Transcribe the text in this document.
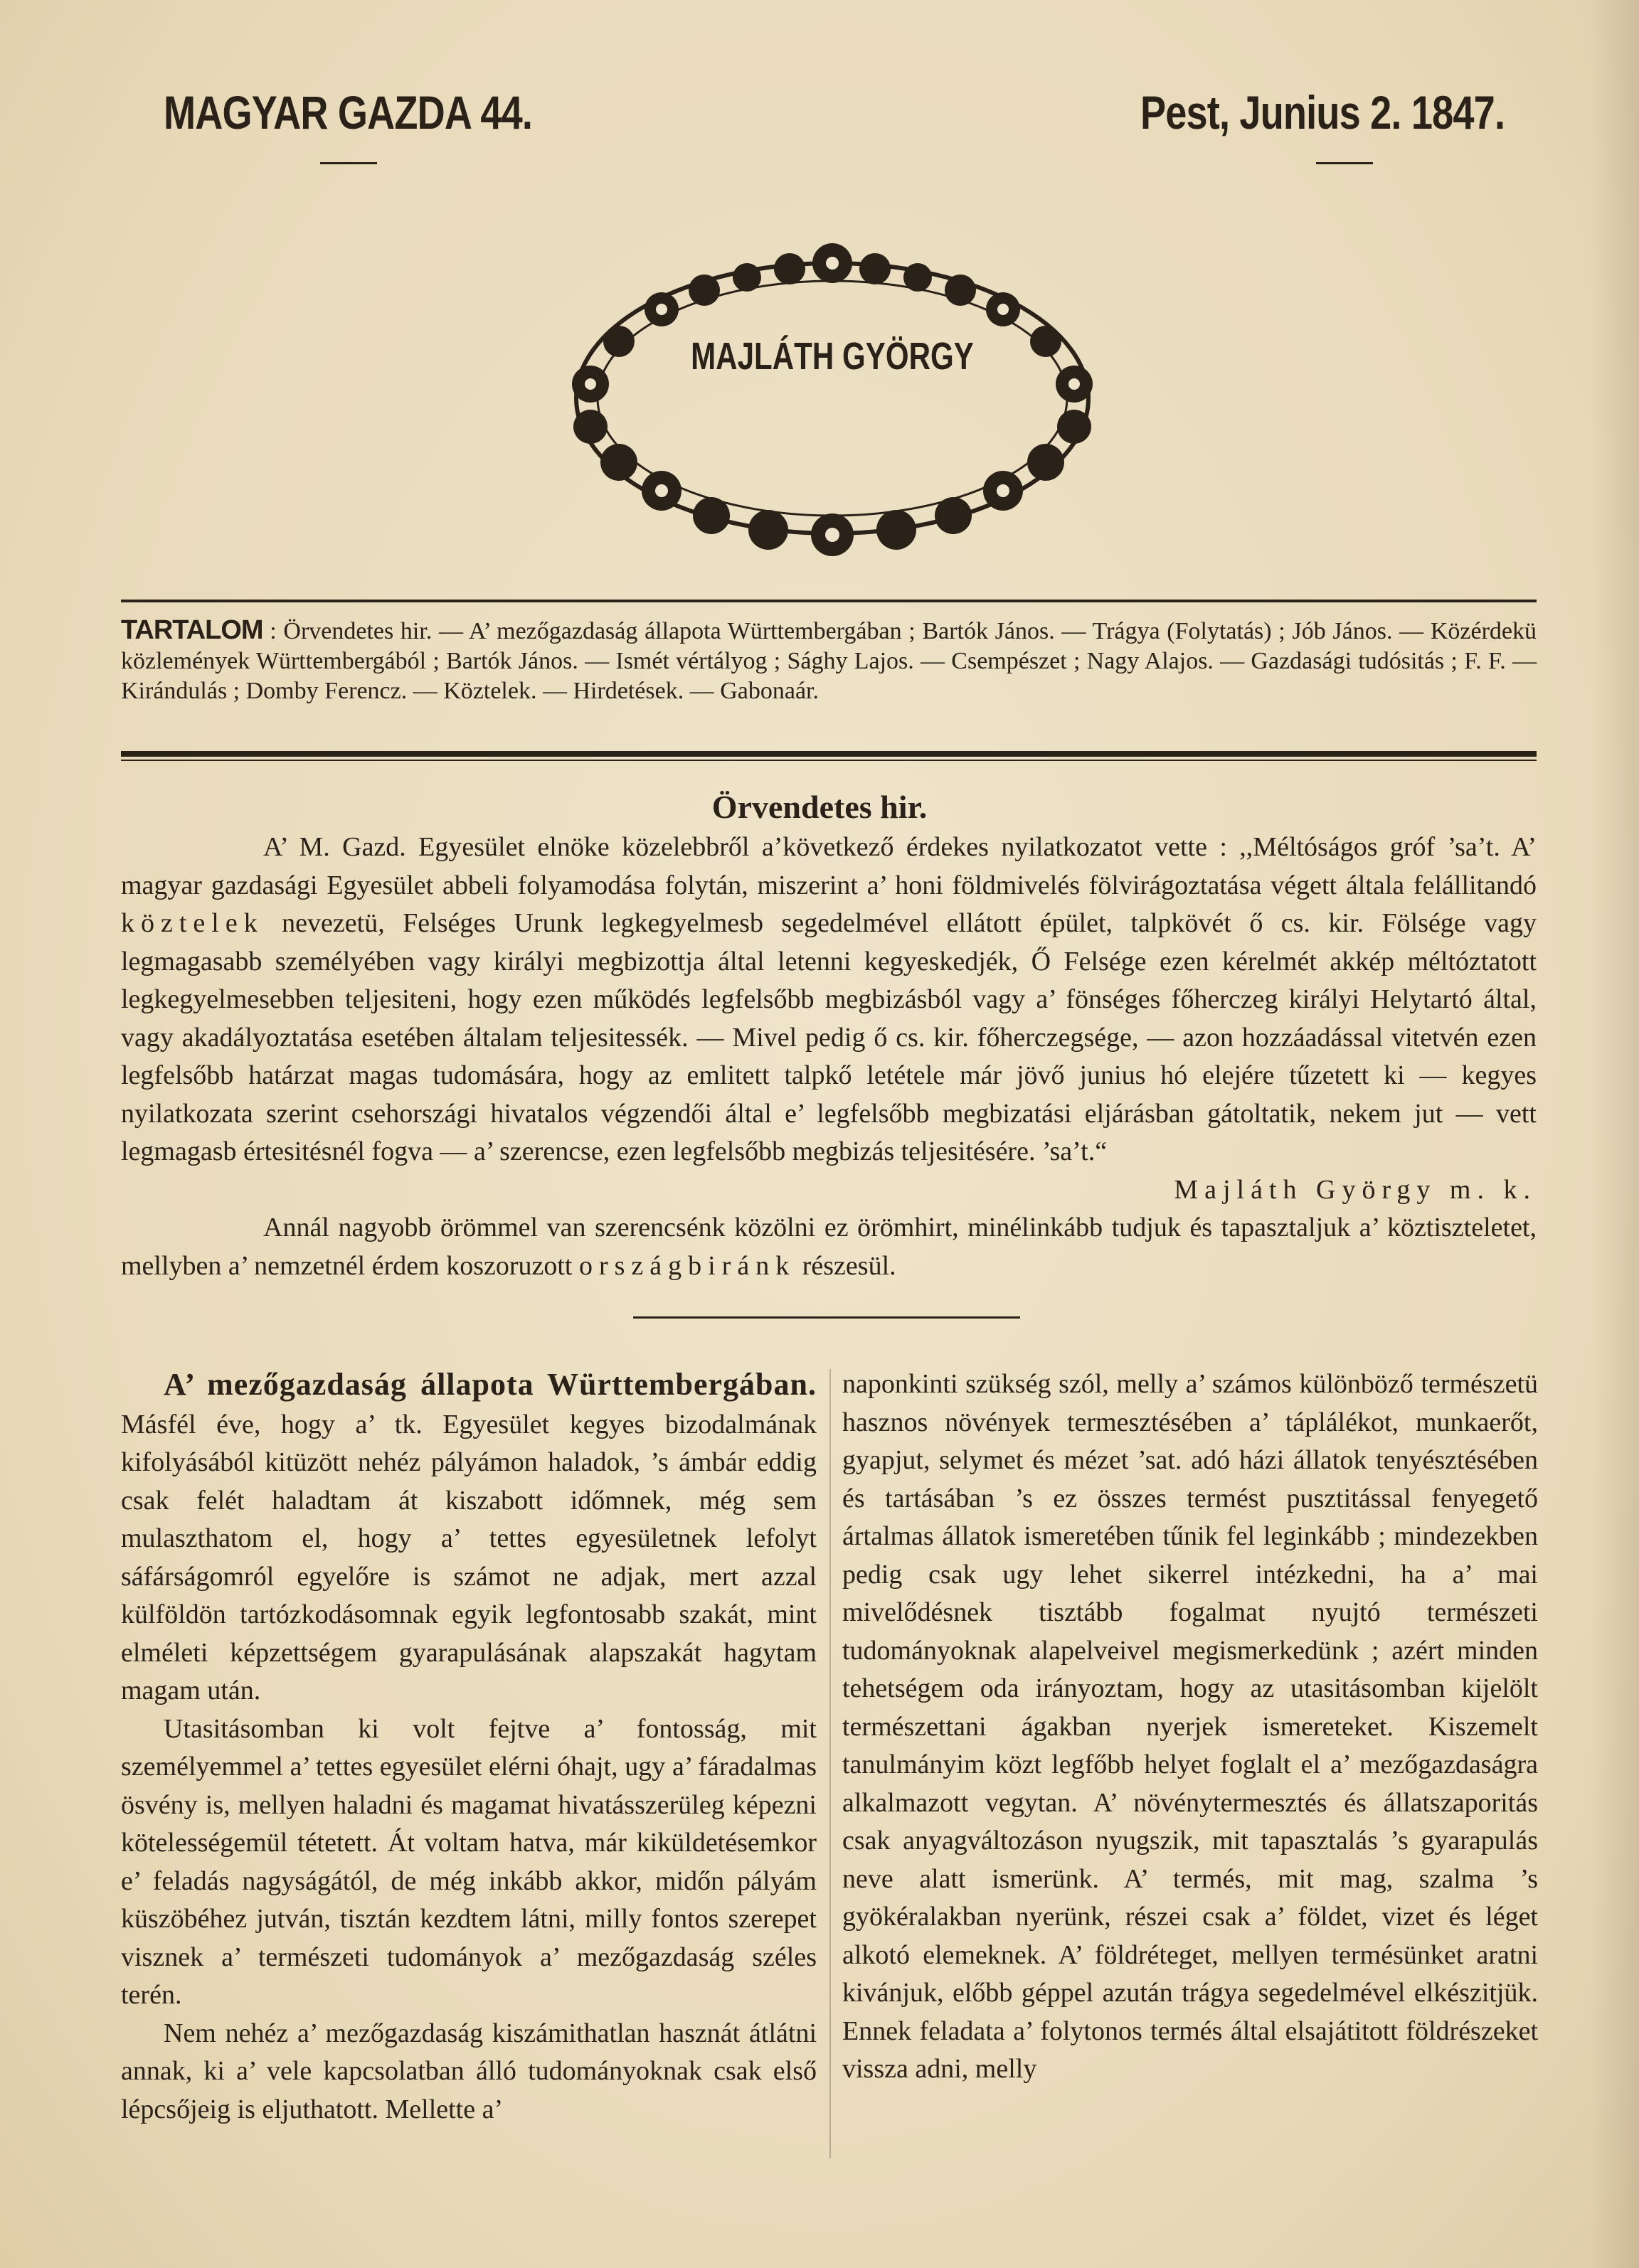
MAGYAR GAZDA 44.	Pest, Junius 2. 1847.
MAJLÁTH GYÖRGY
TARTALOM : Örvendetes hir. — A’ mezőgazdaság állapota Württembergában ; Bartók János. — Trágya (Folytatás) ; Jób János. — Közérdekü közlemények Württembergából ; Bartók János. — Ismét vértályog ; Sághy Lajos. — Csempészet ; Nagy Alajos. — Gazdasági tudósitás ; F. F. — Kirándulás ; Domby Ferencz. — Köztelek. — Hirdetések. — Gabonaár.
Örvendetes hir.

A’ M. Gazd. Egyesület elnöke közelebbről a’következő érdekes nyilatkozatot vette : ,,Méltóságos gróf ’sa’t. A’ magyar gazdasági Egyesület abbeli folyamodása folytán, miszerint a’ honi földmivelés fölvirágoztatása végett általa felállitandó köztelek nevezetü, Felséges Urunk legkegyelmesb segedelmével ellátott épület, talpkövét ő cs. kir. Fölsége vagy legmagasabb személyében vagy királyi megbizottja által letenni kegyeskedjék, Ő Felsége ezen kérelmét akkép méltóztatott legkegyelmesebben teljesiteni, hogy ezen működés legfelsőbb megbizásból vagy a’ fönséges főherczeg királyi Helytartó által, vagy akadályoztatása esetében általam teljesitessék. — Mivel pedig ő cs. kir. főherczegsége, — azon hozzáadással vitetvén ezen legfelsőbb határzat magas tudomására, hogy az emlitett talpkő letétele már jövő junius hó elejére tűzetett ki — kegyes nyilatkozata szerint csehországi hivatalos végzendői által e’ legfelsőbb megbizatási eljárásban gátoltatik, nekem jut — vett legmagasb értesitésnél fogva — a’ szerencse, ezen legfelsőbb megbizás teljesitésére. ’sa’t.“
Majláth György m. k.

Annál nagyobb örömmel van szerencsénk közölni ez örömhirt, minélinkább tudjuk és tapasztaljuk a’ köztiszteletet, mellyben a’ nemzetnél érdem koszoruzott országbiránk részesül.

A’ mezőgazdaság állapota Württembergában. Másfél éve, hogy a’ tk. Egyesület kegyes bizodalmának kifolyásából kitüzött nehéz pályámon haladok, ’s ámbár eddig csak felét haladtam át kiszabott időmnek, még sem mulaszthatom el, hogy a’ tettes egyesületnek lefolyt sáfárságomról egyelőre is számot ne adjak, mert azzal külföldön tartózkodásomnak egyik legfontosabb szakát, mint elméleti képzettségem gyarapulásának alapszakát hagytam magam után.

Utasitásomban ki volt fejtve a’ fontosság, mit személyemmel a’ tettes egyesület elérni óhajt, ugy a’ fáradalmas ösvény is, mellyen haladni és magamat hivatásszerüleg képezni kötelességemül tétetett. Át voltam hatva, már kiküldetésemkor e’ feladás nagyságától, de még inkább akkor, midőn pályám küszöbéhez jutván, tisztán kezdtem látni, milly fontos szerepet visznek a’ természeti tudományok a’ mezőgazdaság széles terén.

Nem nehéz a’ mezőgazdaság kiszámithatlan hasznát átlátni annak, ki a’ vele kapcsolatban álló tudományoknak csak első lépcsőjeig is eljuthatott. Mellette a’

naponkinti szükség szól, melly a’ számos különböző természetü hasznos növények termesztésében a’ táplálékot, munkaerőt, gyapjut, selymet és mézet ’sat. adó házi állatok tenyésztésében és tartásában ’s ez összes termést pusztitással fenyegető ártalmas állatok ismeretében tűnik fel leginkább ; mindezekben pedig csak ugy lehet sikerrel intézkedni, ha a’ mai mivelődésnek tisztább fogalmat nyujtó természeti tudományoknak alapelveivel megismerkedünk ; azért minden tehetségem oda irányoztam, hogy az utasitásomban kijelölt természettani ágakban nyerjek ismereteket. Kiszemelt tanulmányim közt legfőbb helyet foglalt el a’ mezőgazdaságra alkalmazott vegytan. A’ növénytermesztés és állatszaporitás csak anyagváltozáson nyugszik, mit tapasztalás ’s gyarapulás neve alatt ismerünk. A’ termés, mit mag, szalma ’s gyökéralakban nyerünk, részei csak a’ földet, vizet és léget alkotó elemeknek. A’ földréteget, mellyen termésünket aratni kivánjuk, előbb géppel azután trágya segedelmével elkészitjük. Ennek feladata a’ folytonos termés által elsajátitott földrészeket vissza adni, melly
